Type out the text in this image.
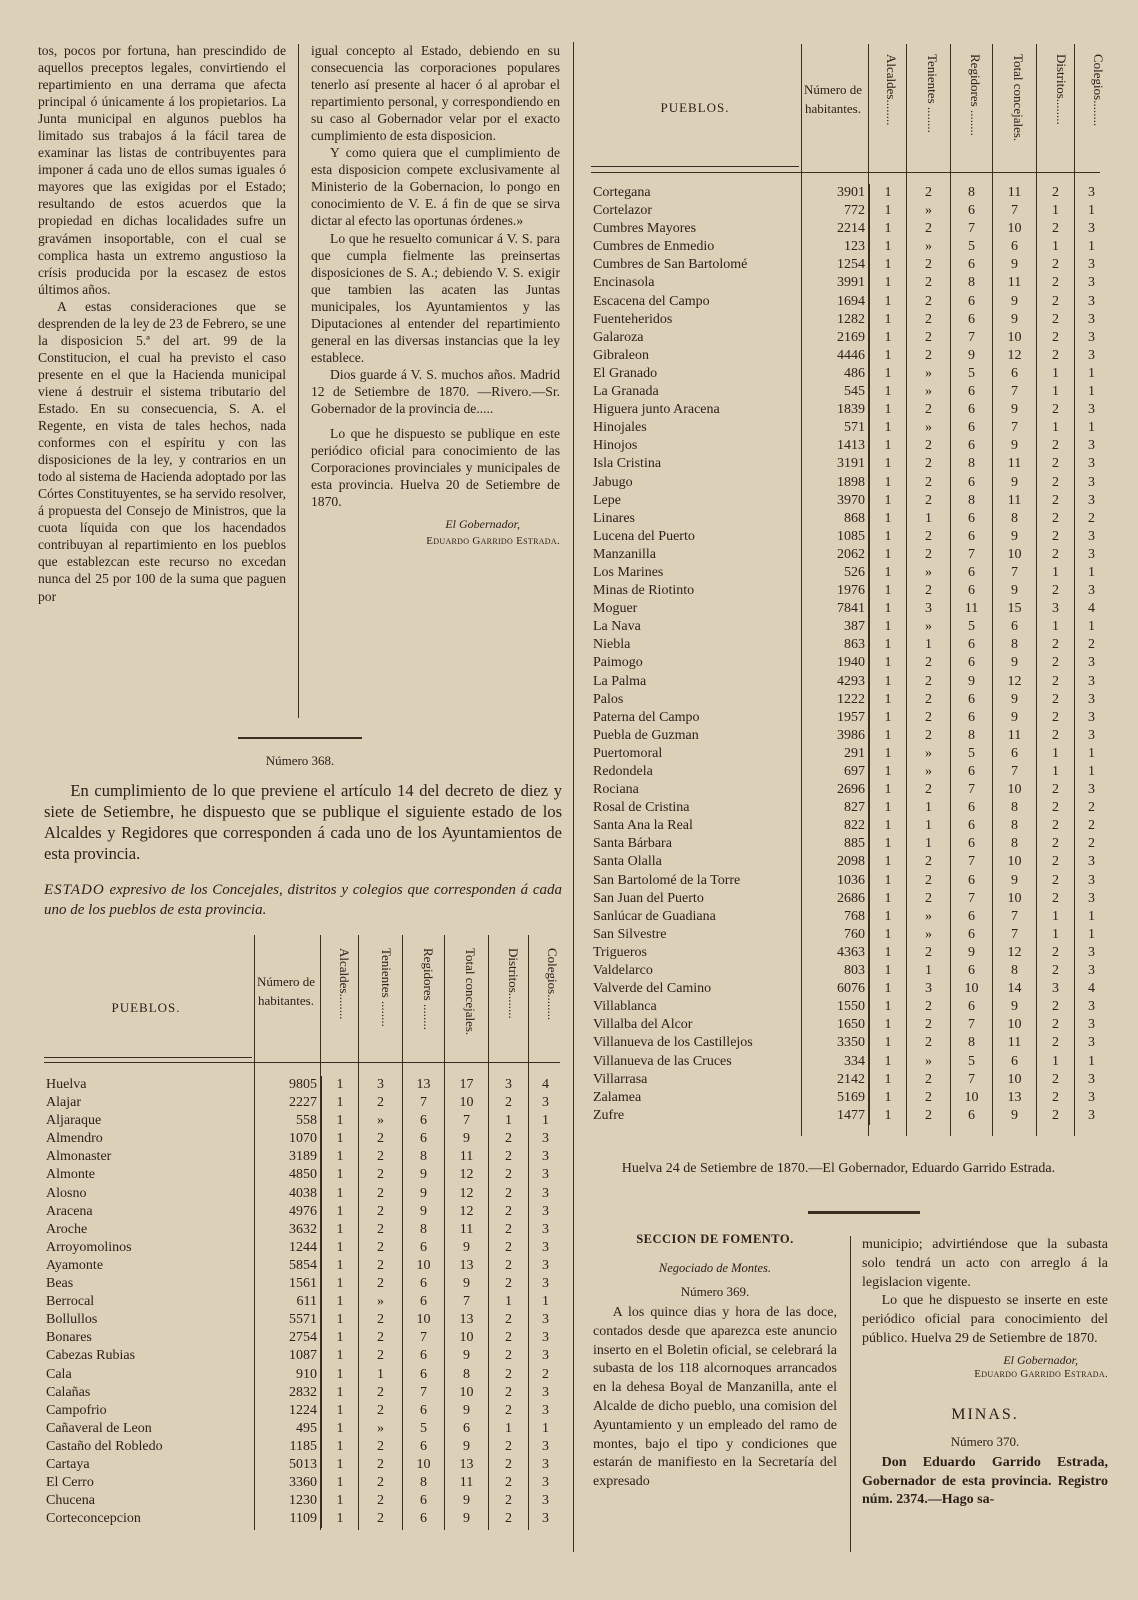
tos, pocos por fortuna, han prescindido de aquellos preceptos legales, convirtiendo el repartimiento en una derrama que afecta principal ó únicamente á los propietarios. La Junta municipal en algunos pueblos ha limitado sus trabajos á la fácil tarea de examinar las listas de contribuyentes para imponer á cada uno de ellos sumas iguales ó mayores que las exigidas por el Estado; resultando de estos acuerdos que la propiedad en dichas localidades sufre un gravámen insoportable, con el cual se complica hasta un extremo angustioso la crísis producida por la escasez de estos últimos años.

A estas consideraciones que se desprenden de la ley de 23 de Febrero, se une la disposicion 5.ª del art. 99 de la Constitucion, el cual ha previsto el caso presente en el que la Hacienda municipal viene á destruir el sistema tributario del Estado. En su consecuencia, S. A. el Regente, en vista de tales hechos, nada conformes con el espíritu y con las disposiciones de la ley, y contrarios en un todo al sistema de Hacienda adoptado por las Córtes Constituyentes, se ha servido resolver, á propuesta del Consejo de Ministros, que la cuota líquida con que los hacendados contribuyan al repartimiento en los pueblos que establezcan este recurso no excedan nunca del 25 por 100 de la suma que paguen por

igual concepto al Estado, debiendo en su consecuencia las corporaciones populares tenerlo así presente al hacer ó al aprobar el repartimiento personal, y correspondiendo en su caso al Gobernador velar por el exacto cumplimiento de esta disposicion.

Y como quiera que el cumplimiento de esta disposicion compete exclusivamente al Ministerio de la Gobernacion, lo pongo en conocimiento de V. E. á fin de que se sirva dictar al efecto las oportunas órdenes.»

Lo que he resuelto comunicar á V. S. para que cumpla fielmente las preinsertas disposiciones de S. A.; debiendo V. S. exigir que tambien las acaten las Juntas municipales, los Ayuntamientos y las Diputaciones al entender del repartimiento general en las diversas instancias que la ley establece.

Dios guarde á V. S. muchos años. Madrid 12 de Setiembre de 1870. —Rivero.—Sr. Gobernador de la provincia de.....

Lo que he dispuesto se publique en este periódico oficial para conocimiento de las Corporaciones provinciales y municipales de esta provincia. Huelva 20 de Setiembre de 1870.

El Gobernador,
Eduardo Garrido Estrada.
Número 368.

En cumplimiento de lo que previene el artículo 14 del decreto de diez y siete de Setiembre, he dispuesto que se publique el siguiente estado de los Alcaldes y Regidores que corresponden á cada uno de los Ayuntamientos de esta provincia.

ESTADO expresivo de los Concejales, distritos y colegios que corresponden á cada uno de los pueblos de esta provincia.

PUEBLOS.
Número de habitantes. Alcaldes........ Tenientes ........ Regidores ........ Total concejales. Distritos........ Colegios........
Huelva	9805	1	3	13	17	3	4
Alajar	2227	1	2	7	10	2	3
Aljaraque	558	1	»	6	7	1	1
Almendro	1070	1	2	6	9	2	3
Almonaster	3189	1	2	8	11	2	3
Almonte	4850	1	2	9	12	2	3
Alosno	4038	1	2	9	12	2	3
Aracena	4976	1	2	9	12	2	3
Aroche	3632	1	2	8	11	2	3
Arroyomolinos	1244	1	2	6	9	2	3
Ayamonte	5854	1	2	10	13	2	3
Beas	1561	1	2	6	9	2	3
Berrocal	611	1	»	6	7	1	1
Bollullos	5571	1	2	10	13	2	3
Bonares	2754	1	2	7	10	2	3
Cabezas Rubias	1087	1	2	6	9	2	3
Cala	910	1	1	6	8	2	2
Calañas	2832	1	2	7	10	2	3
Campofrio	1224	1	2	6	9	2	3
Cañaveral de Leon	495	1	»	5	6	1	1
Castaño del Robledo	1185	1	2	6	9	2	3
Cartaya	5013	1	2	10	13	2	3
El Cerro	3360	1	2	8	11	2	3
Chucena	1230	1	2	6	9	2	3
Corteconcepcion	1109	1	2	6	9	2	3
PUEBLOS.
Número de habitantes. Alcaldes........ Tenientes ........ Regidores ........ Total concejales. Distritos........ Colegios........
Cortegana	3901	1	2	8	11	2	3
Cortelazor	772	1	»	6	7	1	1
Cumbres Mayores	2214	1	2	7	10	2	3
Cumbres de Enmedio	123	1	»	5	6	1	1
Cumbres de San Bartolomé	1254	1	2	6	9	2	3
Encinasola	3991	1	2	8	11	2	3
Escacena del Campo	1694	1	2	6	9	2	3
Fuenteheridos	1282	1	2	6	9	2	3
Galaroza	2169	1	2	7	10	2	3
Gibraleon	4446	1	2	9	12	2	3
El Granado	486	1	»	5	6	1	1
La Granada	545	1	»	6	7	1	1
Higuera junto Aracena	1839	1	2	6	9	2	3
Hinojales	571	1	»	6	7	1	1
Hinojos	1413	1	2	6	9	2	3
Isla Cristina	3191	1	2	8	11	2	3
Jabugo	1898	1	2	6	9	2	3
Lepe	3970	1	2	8	11	2	3
Linares	868	1	1	6	8	2	2
Lucena del Puerto	1085	1	2	6	9	2	3
Manzanilla	2062	1	2	7	10	2	3
Los Marines	526	1	»	6	7	1	1
Minas de Riotinto	1976	1	2	6	9	2	3
Moguer	7841	1	3	11	15	3	4
La Nava	387	1	»	5	6	1	1
Niebla	863	1	1	6	8	2	2
Paimogo	1940	1	2	6	9	2	3
La Palma	4293	1	2	9	12	2	3
Palos	1222	1	2	6	9	2	3
Paterna del Campo	1957	1	2	6	9	2	3
Puebla de Guzman	3986	1	2	8	11	2	3
Puertomoral	291	1	»	5	6	1	1
Redondela	697	1	»	6	7	1	1
Rociana	2696	1	2	7	10	2	3
Rosal de Cristina	827	1	1	6	8	2	2
Santa Ana la Real	822	1	1	6	8	2	2
Santa Bárbara	885	1	1	6	8	2	2
Santa Olalla	2098	1	2	7	10	2	3
San Bartolomé de la Torre	1036	1	2	6	9	2	3
San Juan del Puerto	2686	1	2	7	10	2	3
Sanlúcar de Guadiana	768	1	»	6	7	1	1
San Silvestre	760	1	»	6	7	1	1
Trigueros	4363	1	2	9	12	2	3
Valdelarco	803	1	1	6	8	2	3
Valverde del Camino	6076	1	3	10	14	3	4
Villablanca	1550	1	2	6	9	2	3
Villalba del Alcor	1650	1	2	7	10	2	3
Villanueva de los Castillejos	3350	1	2	8	11	2	3
Villanueva de las Cruces	334	1	»	5	6	1	1
Villarrasa	2142	1	2	7	10	2	3
Zalamea	5169	1	2	10	13	2	3
Zufre	1477	1	2	6	9	2	3
Huelva 24 de Setiembre de 1870.—El Gobernador, Eduardo Garrido Estrada.
SECCION DE FOMENTO.
Negociado de Montes.
Número 369.

A los quince dias y hora de las doce, contados desde que aparezca este anuncio inserto en el Boletin oficial, se celebrará la subasta de los 118 alcornoques arrancados en la dehesa Boyal de Manzanilla, ante el Alcalde de dicho pueblo, una comision del Ayuntamiento y un empleado del ramo de montes, bajo el tipo y condiciones que estarán de manifiesto en la Secretaría del expresado

municipio; advirtiéndose que la subasta solo tendrá un acto con arreglo á la legislacion vigente.

Lo que he dispuesto se inserte en este periódico oficial para conocimiento del público. Huelva 29 de Setiembre de 1870.

El Gobernador,
Eduardo Garrido Estrada.
MINAS.
Número 370.

Don Eduardo Garrido Estrada, Gobernador de esta provincia. Registro núm. 2374.—Hago sa-
